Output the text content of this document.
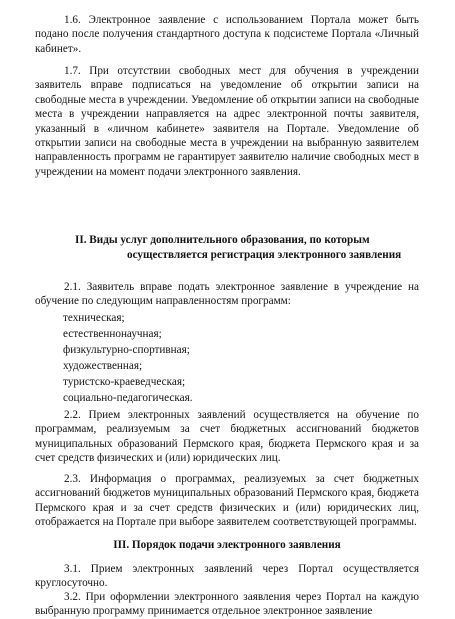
1.6. Электронное заявление с использованием Портала может быть подано после получения стандартного доступа к подсистеме Портала «Личный кабинет».

1.7. При отсутствии свободных мест для обучения в учреждении заявитель вправе подписаться на уведомление об открытии записи на свободные места в учреждении. Уведомление об открытии записи на свободные места в учреждении направляется на адрес электронной почты заявителя, указанный в «личном кабинете» заявителя на Портале. Уведомление об открытии записи на свободные места в учреждении на выбранную заявителем направленность программ не гарантирует заявителю наличие свободных мест в учреждении на момент подачи электронного заявления.

II. Виды услуг дополнительного образования, по которым

осуществляется регистрация электронного заявления

2.1. Заявитель вправе подать электронное заявление в учреждение на обучение по следующим направленностям программ:

техническая;

естественнонаучная;

физкультурно-спортивная;

художественная;

туристско-краеведческая;

социально-педагогическая.

2.2. Прием электронных заявлений осуществляется на обучение по программам, реализуемым за счет бюджетных ассигнований бюджетов муниципальных образований Пермского края, бюджета Пермского края и за счет средств физических и (или) юридических лиц.

2.3. Информация о программах, реализуемых за счет бюджетных ассигнований бюджетов муниципальных образований Пермского края, бюджета Пермского края и за счет средств физических и (или) юридических лиц, отображается на Портале при выборе заявителем соответствующей программы.

III. Порядок подачи электронного заявления

3.1. Прием электронных заявлений через Портал осуществляется круглосуточно.

3.2. При оформлении электронного заявления через Портал на каждую выбранную программу принимается отдельное электронное заявление
